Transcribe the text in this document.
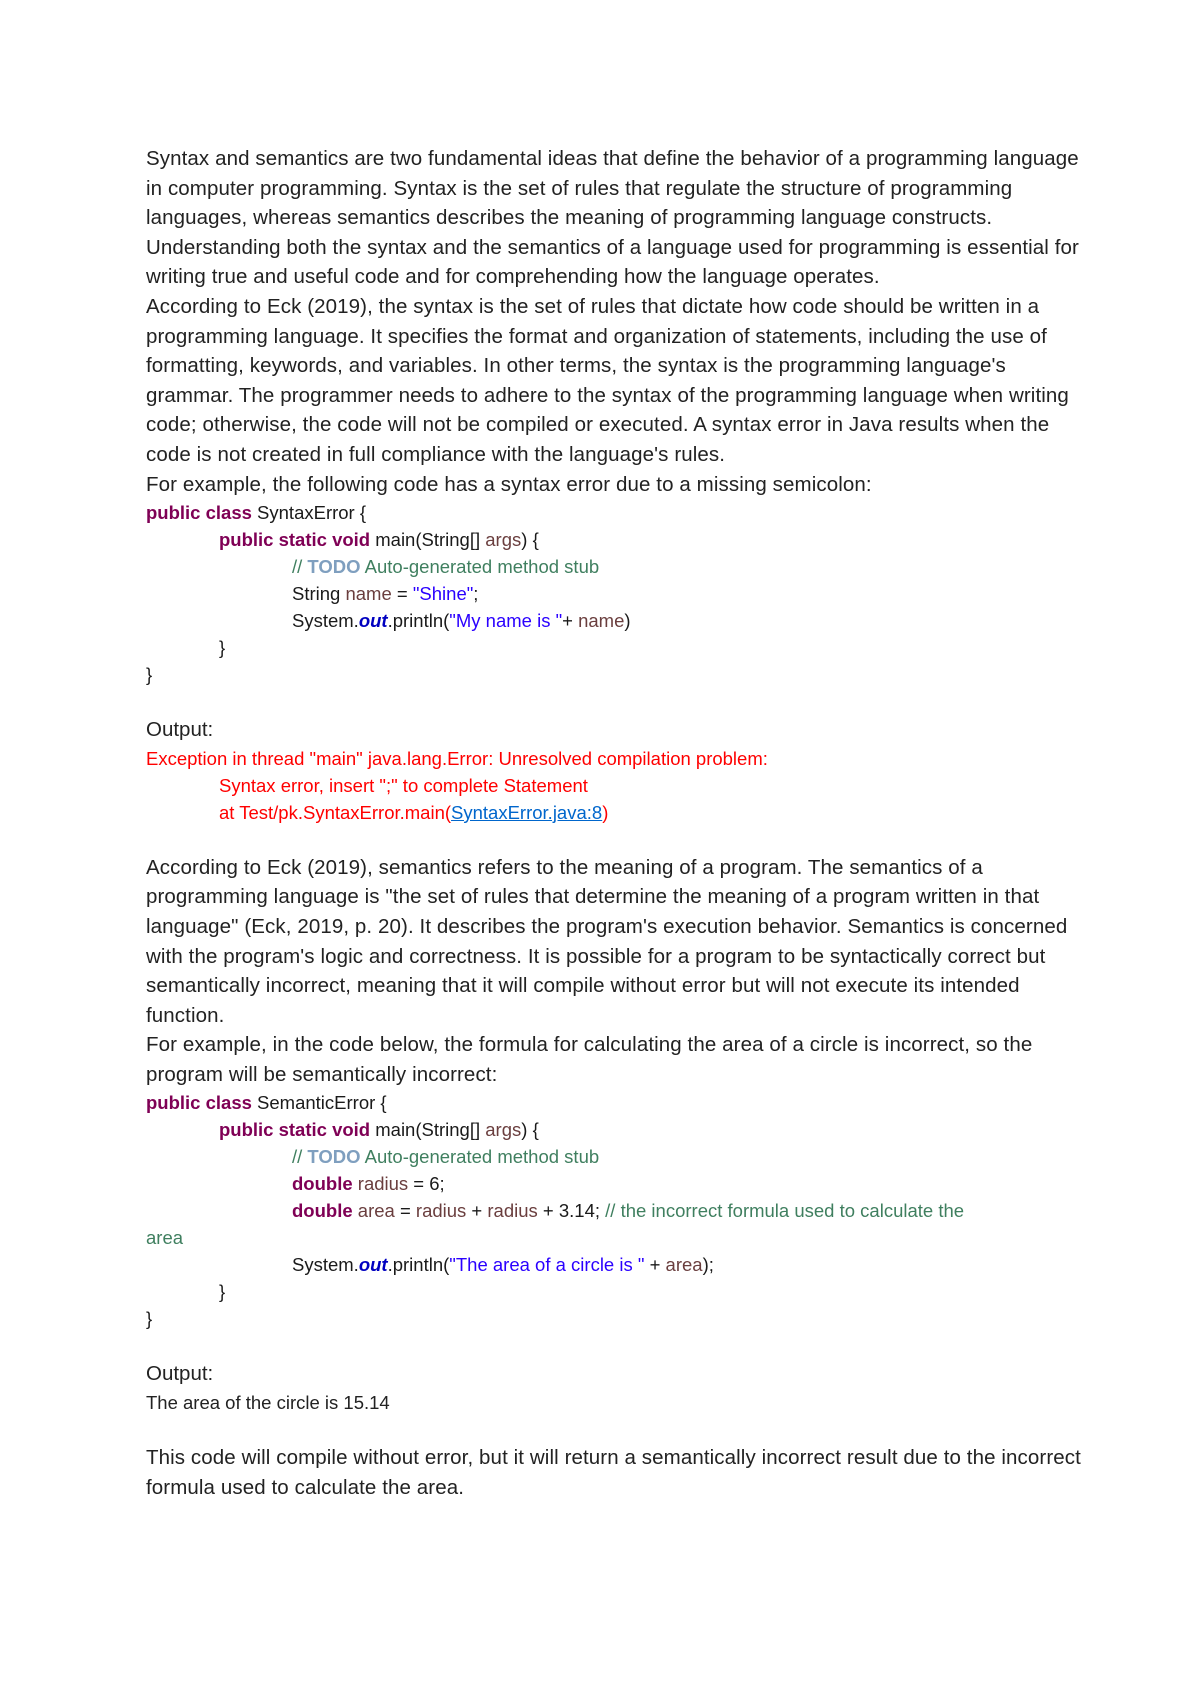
Syntax and semantics are two fundamental ideas that define the behavior of a programming language in computer programming. Syntax is the set of rules that regulate the structure of programming languages, whereas semantics describes the meaning of programming language constructs. Understanding both the syntax and the semantics of a language used for programming is essential for writing true and useful code and for comprehending how the language operates.

According to Eck (2019), the syntax is the set of rules that dictate how code should be written in a programming language. It specifies the format and organization of statements, including the use of formatting, keywords, and variables. In other terms, the syntax is the programming language's grammar. The programmer needs to adhere to the syntax of the programming language when writing code; otherwise, the code will not be compiled or executed. A syntax error in Java results when the code is not created in full compliance with the language's rules.

For example, the following code has a syntax error due to a missing semicolon:

public class SyntaxError {
public static void main(String[] args) {
// TODO Auto-generated method stub
String name = "Shine";
System.out.println("My name is "+ name)
}
}
Output:
Exception in thread "main" java.lang.Error: Unresolved compilation problem:
Syntax error, insert ";" to complete Statement
at Test/pk.SyntaxError.main(SyntaxError.java:8)

According to Eck (2019), semantics refers to the meaning of a program. The semantics of a programming language is "the set of rules that determine the meaning of a program written in that language" (Eck, 2019, p. 20). It describes the program's execution behavior. Semantics is concerned with the program's logic and correctness. It is possible for a program to be syntactically correct but semantically incorrect, meaning that it will compile without error but will not execute its intended function.

For example, in the code below, the formula for calculating the area of a circle is incorrect, so the program will be semantically incorrect:

public class SemanticError {
public static void main(String[] args) {
// TODO Auto-generated method stub
double radius = 6;
double area = radius + radius + 3.14; // the incorrect formula used to calculate the
area
System.out.println("The area of a circle is " + area);
}
}
Output:
The area of the circle is 15.14

This code will compile without error, but it will return a semantically incorrect result due to the incorrect formula used to calculate the area.
